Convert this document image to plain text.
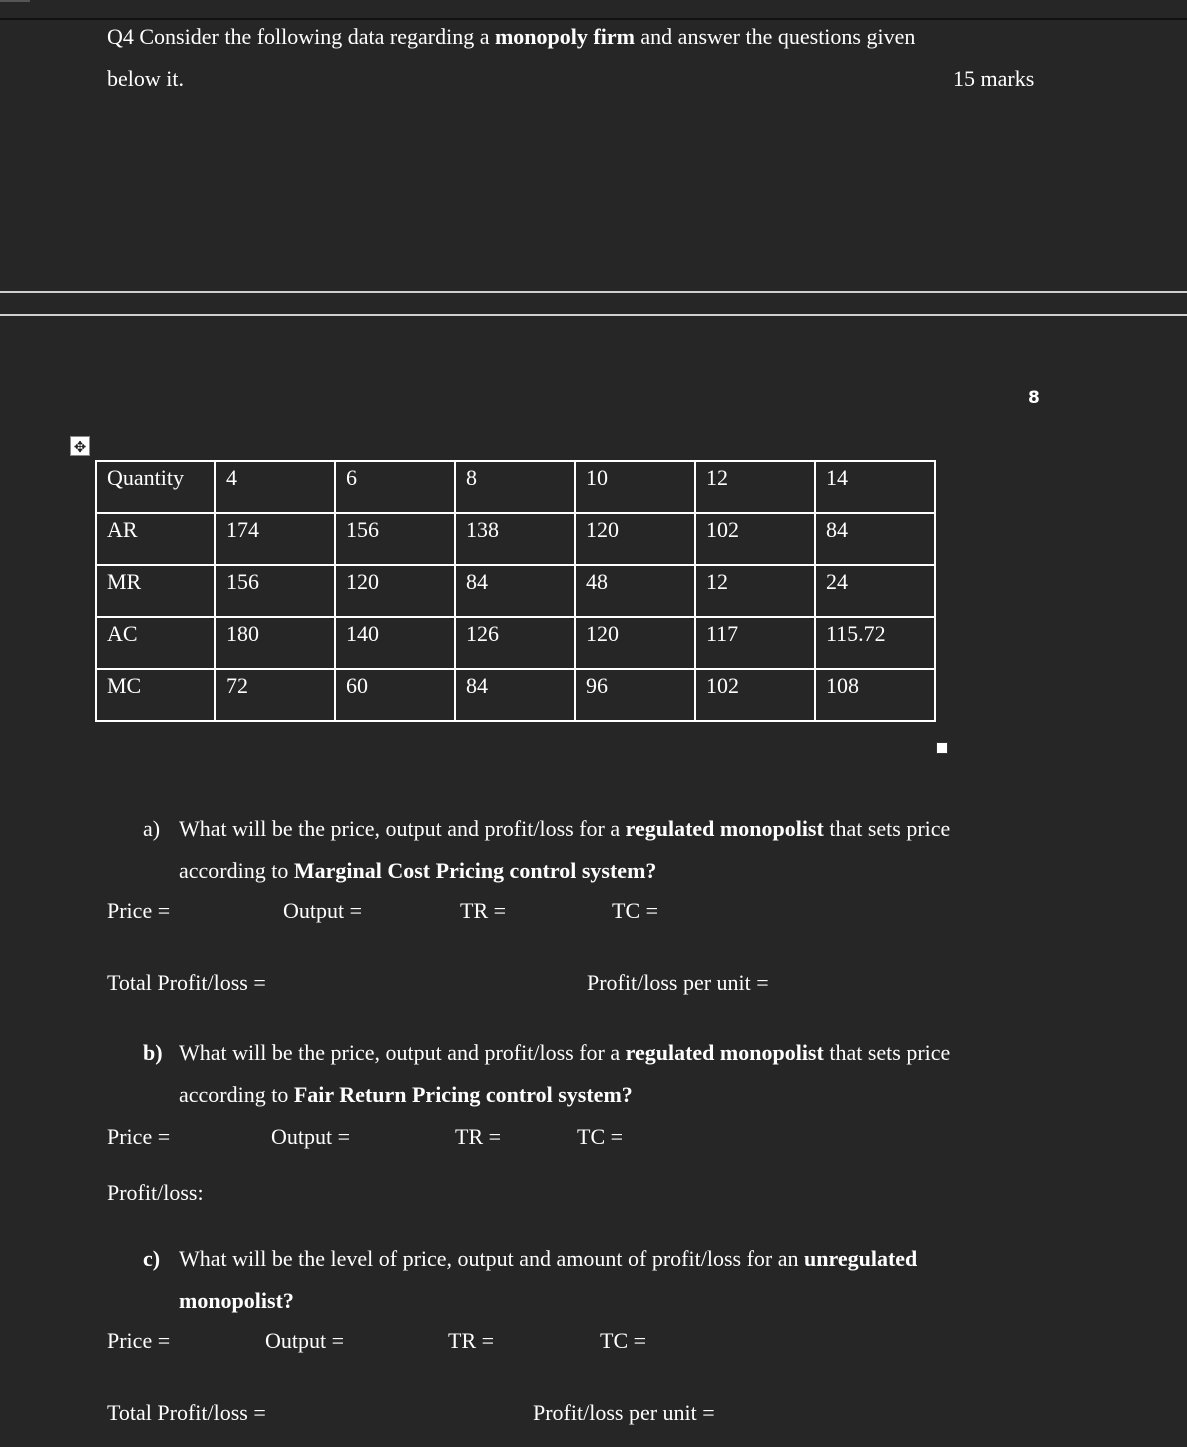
Q4 Consider the following data regarding a monopoly firm and answer the questions given
below it.	15 marks
8
✥
Quantity	4	6	8	10	12	14
AR	174	156	138	120	102	84
MR	156	120	84	48	12	24
AC	180	140	126	120	117	115.72
MC	72	60	84	96	102	108
a) What will be the price, output and profit/loss for a regulated monopolist that sets price
according to Marginal Cost Pricing control system?
Price =	Output =	TR =	TC =
Total Profit/loss =	Profit/loss per unit =
b) What will be the price, output and profit/loss for a regulated monopolist that sets price
according to Fair Return Pricing control system?
Price =	Output =	TR =	TC =
Profit/loss:
c) What will be the level of price, output and amount of profit/loss for an unregulated
monopolist?
Price =	Output =	TR =	TC =
Total Profit/loss =	Profit/loss per unit =
